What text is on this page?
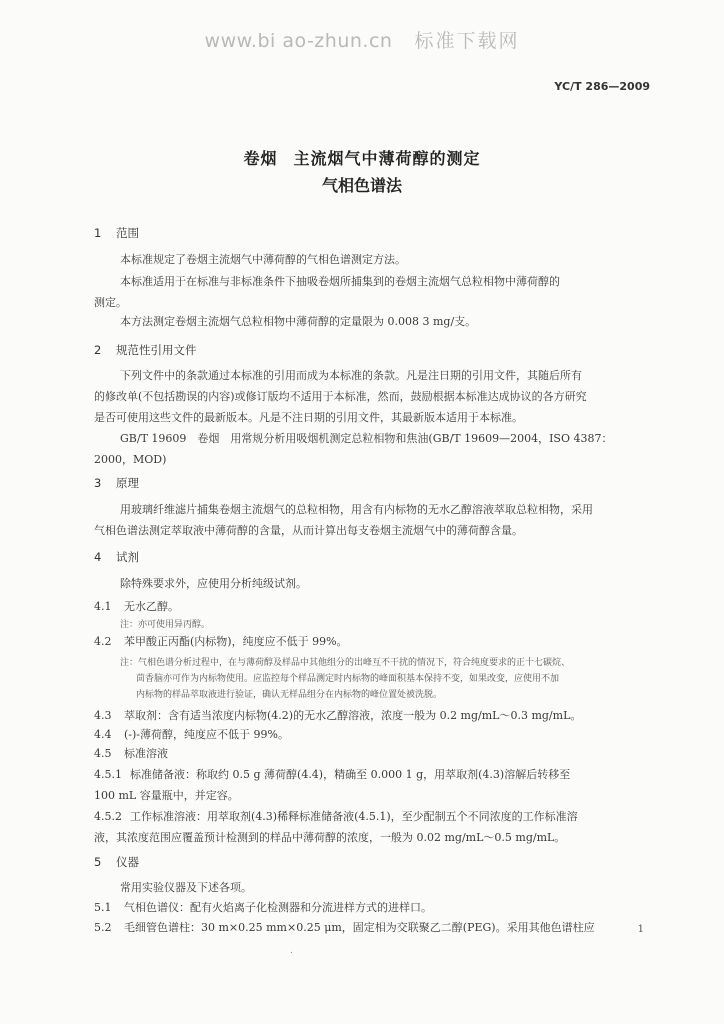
www.bi ao-zhun.cn 标准下载网
YC/T 286—2009
卷烟 主流烟气中薄荷醇的测定
气相色谱法
1 范围
本标准规定了卷烟主流烟气中薄荷醇的气相色谱测定方法。
本标准适用于在标准与非标准条件下抽吸卷烟所捕集到的卷烟主流烟气总粒相物中薄荷醇的
测定。
本方法测定卷烟主流烟气总粒相物中薄荷醇的定量限为 0.008 3 mg/支。
2 规范性引用文件
下列文件中的条款通过本标准的引用而成为本标准的条款。凡是注日期的引用文件，其随后所有
的修改单(不包括勘误的内容)或修订版均不适用于本标准，然而，鼓励根据本标准达成协议的各方研究
是否可使用这些文件的最新版本。凡是不注日期的引用文件，其最新版本适用于本标准。
GB/T 19609　卷烟　用常规分析用吸烟机测定总粒相物和焦油(GB/T 19609—2004，ISO 4387：
2000，MOD)
3 原理
用玻璃纤维滤片捕集卷烟主流烟气的总粒相物，用含有内标物的无水乙醇溶液萃取总粒相物，采用
气相色谱法测定萃取液中薄荷醇的含量，从而计算出每支卷烟主流烟气中的薄荷醇含量。
4 试剂
除特殊要求外，应使用分析纯级试剂。
4.1 无水乙醇。
注：亦可使用异丙醇。
4.2 苯甲酸正丙酯(内标物)，纯度应不低于 99%。
注：气相色谱分析过程中，在与薄荷醇及样品中其他组分的出峰互不干扰的情况下，符合纯度要求的正十七碳烷、
茴香脑亦可作为内标物使用。应监控每个样品测定时内标物的峰面积基本保持不变，如果改变，应使用不加
内标物的样品萃取液进行验证，确认无样品组分在内标物的峰位置处被洗脱。
4.3 萃取剂：含有适当浓度内标物(4.2)的无水乙醇溶液，浓度一般为 0.2 mg/mL～0.3 mg/mL。
4.4 (-)-薄荷醇，纯度应不低于 99%。
4.5 标准溶液
4.5.1 标准储备液：称取约 0.5 g 薄荷醇(4.4)，精确至 0.000 1 g，用萃取剂(4.3)溶解后转移至
100 mL 容量瓶中，并定容。
4.5.2 工作标准溶液：用萃取剂(4.3)稀释标准储备液(4.5.1)，至少配制五个不同浓度的工作标准溶
液，其浓度范围应覆盖预计检测到的样品中薄荷醇的浓度，一般为 0.02 mg/mL～0.5 mg/mL。
5 仪器
常用实验仪器及下述各项。
5.1 气相色谱仪：配有火焰离子化检测器和分流进样方式的进样口。
5.2 毛细管色谱柱：30 m×0.25 mm×0.25 μm，固定相为交联聚乙二醇(PEG)。采用其他色谱柱应	1
.
